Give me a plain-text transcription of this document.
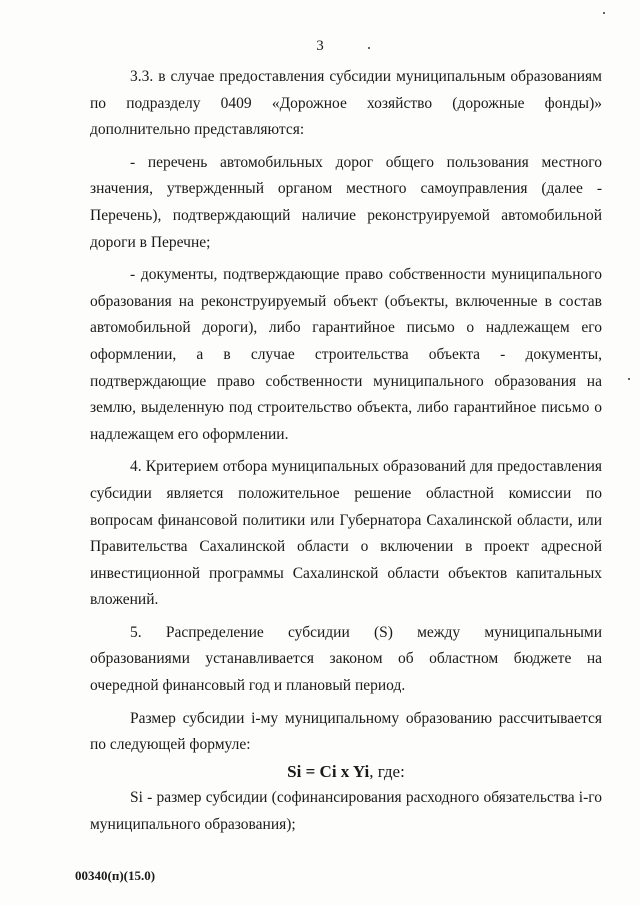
3

3.3. в случае предоставления субсидии муниципальным образованиям по подразделу 0409 «Дорожное хозяйство (дорожные фонды)» дополнительно представляются:

- перечень автомобильных дорог общего пользования местного значения, утвержденный органом местного самоуправления (далее - Перечень), подтверждающий наличие реконструируемой автомобильной дороги в Перечне;

- документы, подтверждающие право собственности муниципального образования на реконструируемый объект (объекты, включенные в состав автомобильной дороги), либо гарантийное письмо о надлежащем его оформлении, а в случае строительства объекта - документы, подтверждающие право собственности муниципального образования на землю, выделенную под строительство объекта, либо гарантийное письмо о надлежащем его оформлении.

4. Критерием отбора муниципальных образований для предоставления субсидии является положительное решение областной комиссии по вопросам финансовой политики или Губернатора Сахалинской области, или Правительства Сахалинской области о включении в проект адресной инвестиционной программы Сахалинской области объектов капитальных вложений.

5. Распределение субсидии (S) между муниципальными образованиями устанавливается законом об областном бюджете на очередной финансовый год и плановый период.

Размер субсидии i-му муниципальному образованию рассчитывается по следующей формуле:

Si = Ci x Yi, где:

Si - размер субсидии (софинансирования расходного обязательства i-го муниципального образования);

00340(п)(15.0)
